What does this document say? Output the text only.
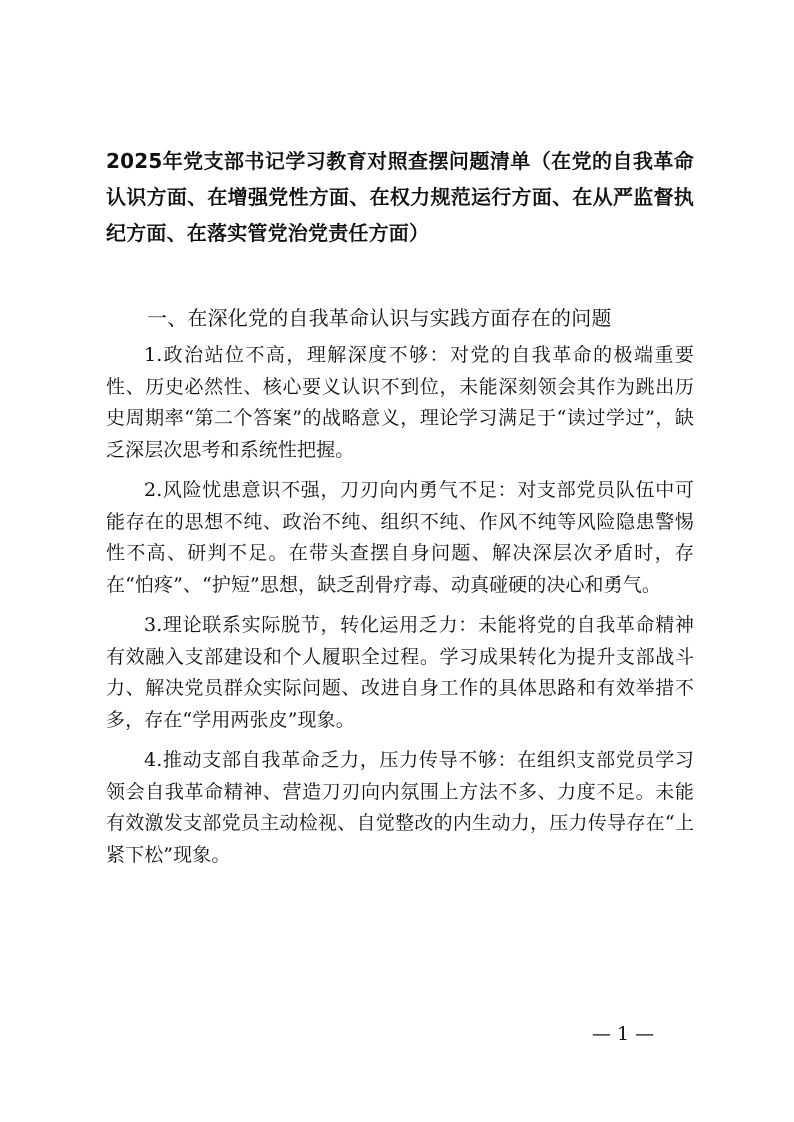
2025年党支部书记学习教育对照查摆问题清单（在党的自我革命认识方面、在增强党性方面、在权力规范运行方面、在从严监督执纪方面、在落实管党治党责任方面）
一、在深化党的自我革命认识与实践方面存在的问题

1.政治站位不高，理解深度不够：对党的自我革命的极端重要性、历史必然性、核心要义认识不到位，未能深刻领会其作为跳出历史周期率“第二个答案”的战略意义，理论学习满足于“读过学过”，缺乏深层次思考和系统性把握。

2.风险忧患意识不强，刀刃向内勇气不足：对支部党员队伍中可能存在的思想不纯、政治不纯、组织不纯、作风不纯等风险隐患警惕性不高、研判不足。在带头查摆自身问题、解决深层次矛盾时，存在“怕疼”、“护短”思想，缺乏刮骨疗毒、动真碰硬的决心和勇气。

3.理论联系实际脱节，转化运用乏力：未能将党的自我革命精神有效融入支部建设和个人履职全过程。学习成果转化为提升支部战斗力、解决党员群众实际问题、改进自身工作的具体思路和有效举措不多，存在“学用两张皮”现象。

4.推动支部自我革命乏力，压力传导不够：在组织支部党员学习领会自我革命精神、营造刀刃向内氛围上方法不多、力度不足。未能有效激发支部党员主动检视、自觉整改的内生动力，压力传导存在“上紧下松”现象。

— 1 —
